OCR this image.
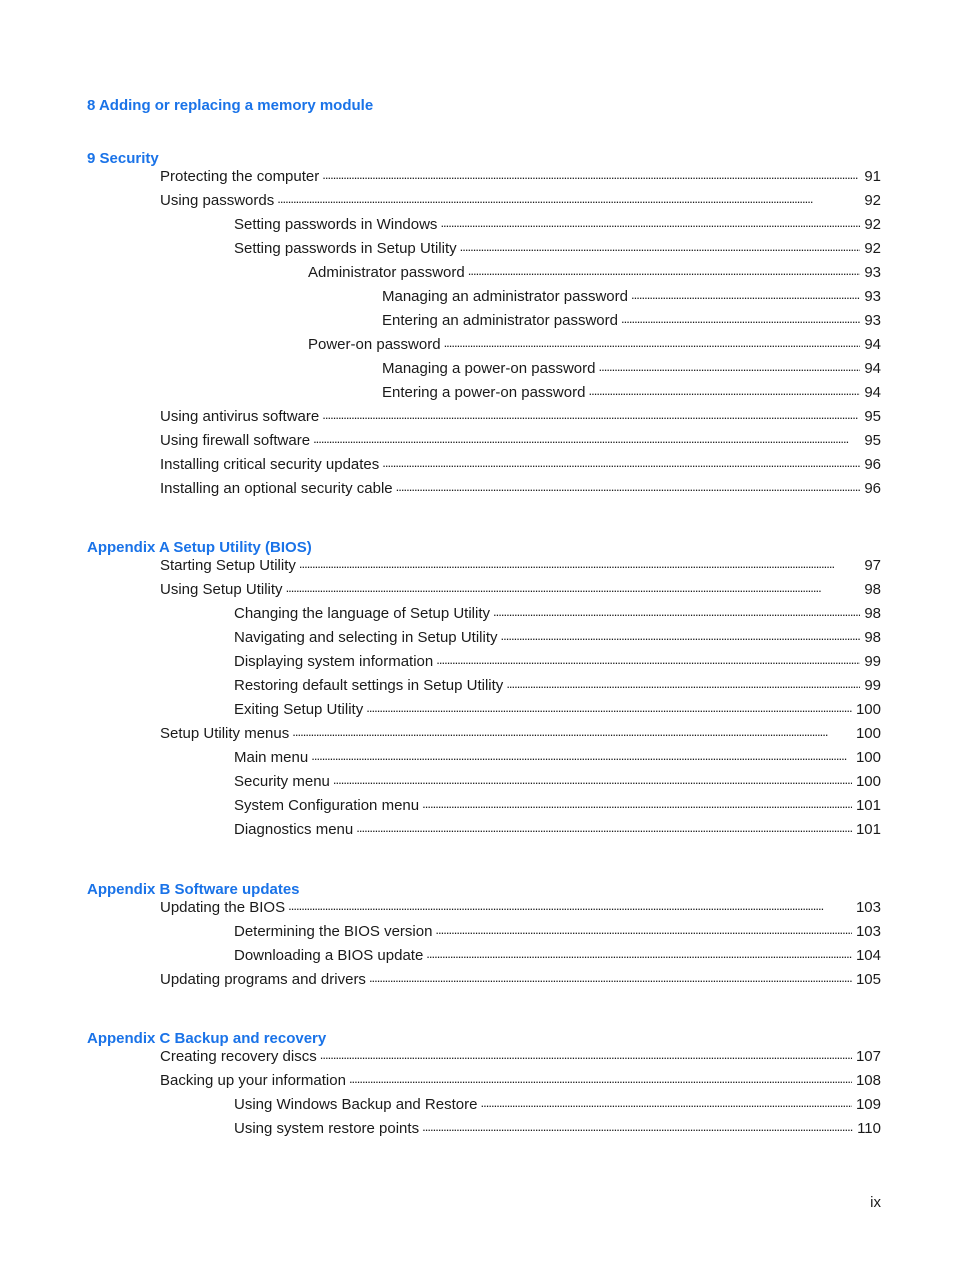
8 Adding or replacing a memory module
9 Security
Protecting the computer . . .	91
Using passwords . . .	92
Setting passwords in Windows . . .	92
Setting passwords in Setup Utility . . .	92
Administrator password . . .	93
Managing an administrator password . . .	93
Entering an administrator password . . .	93
Power-on password . . .	94
Managing a power-on password . . .	94
Entering a power-on password . . .	94
Using antivirus software . . .	95
Using firewall software . . .	95
Installing critical security updates . . .	96
Installing an optional security cable . . .	96
Appendix A Setup Utility (BIOS)
Starting Setup Utility . . .	97
Using Setup Utility . . .	98
Changing the language of Setup Utility . . .	98
Navigating and selecting in Setup Utility . . .	98
Displaying system information . . .	99
Restoring default settings in Setup Utility . . .	99
Exiting Setup Utility . . .	100
Setup Utility menus . . .	100
Main menu . . .	100
Security menu . . .	100
System Configuration menu . . .	101
Diagnostics menu . . .	101
Appendix B Software updates
Updating the BIOS . . .	103
Determining the BIOS version . . .	103
Downloading a BIOS update . . .	104
Updating programs and drivers . . .	105
Appendix C Backup and recovery
Creating recovery discs . . .	107
Backing up your information . . .	108
Using Windows Backup and Restore . . .	109
Using system restore points . . .	110
ix
